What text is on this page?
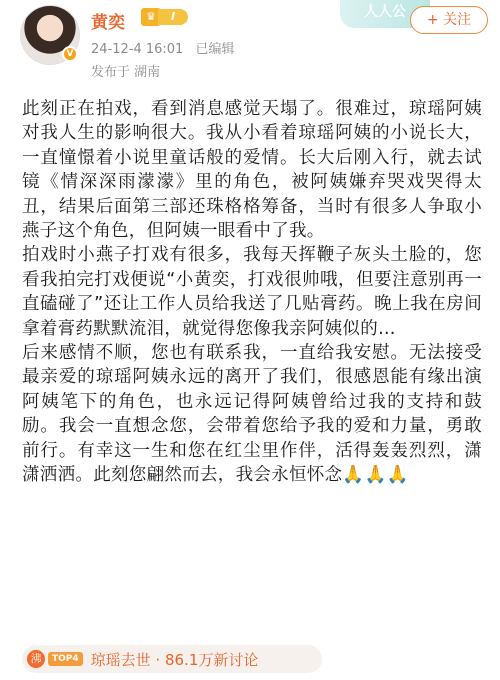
V
黄奕	♛	I
24-12-4 16:01 已编辑
发布于 湖南
人人公	+ 关注

此刻正在拍戏，看到消息感觉天塌了。很难过，琼瑶阿姨对我人生的影响很大。我从小看着琼瑶阿姨的小说长大，一直憧憬着小说里童话般的爱情。长大后刚入行，就去试镜《情深深雨濛濛》里的角色，被阿姨嫌弃哭戏哭得太丑，结果后面第三部还珠格格筹备，当时有很多人争取小燕子这个角色，但阿姨一眼看中了我。

拍戏时小燕子打戏有很多，我每天挥鞭子灰头土脸的，您看我拍完打戏便说“小黄奕，打戏很帅哦，但要注意别再一直磕碰了”还让工作人员给我送了几贴膏药。晚上我在房间拿着膏药默默流泪，就觉得您像我亲阿姨似的…

后来感情不顺，您也有联系我，一直给我安慰。无法接受最亲爱的琼瑶阿姨永远的离开了我们，很感恩能有缘出演阿姨笔下的角色，也永远记得阿姨曾给过我的支持和鼓励。我会一直想念您，会带着您给予我的爱和力量，勇敢前行。有幸这一生和您在红尘里作伴，活得轰轰烈烈，潇潇洒洒。此刻您翩然而去，我会永恒怀念🙏🙏🙏

沸	TOP4 琼瑶去世 · 86.1万新讨论
